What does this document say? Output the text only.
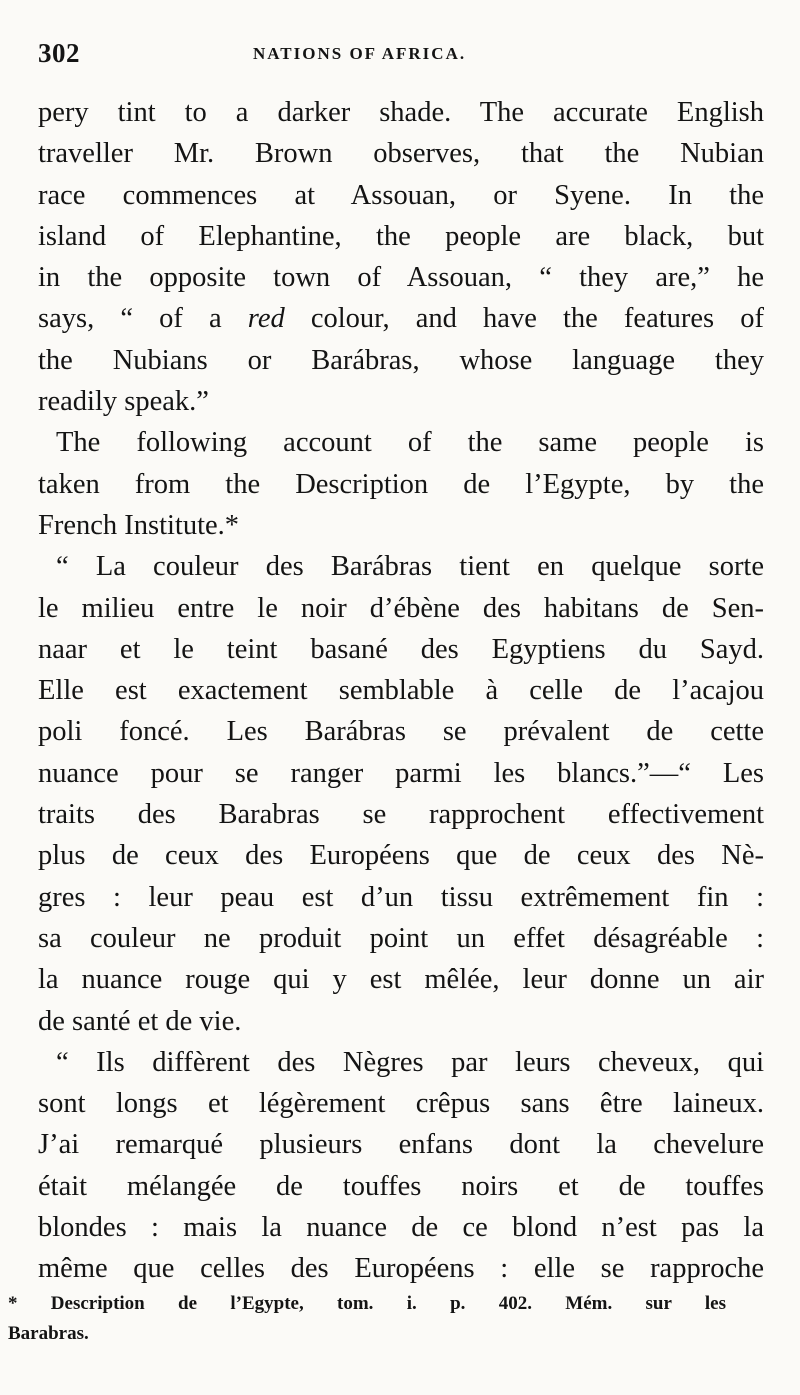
302	NATIONS OF AFRICA.
pery tint to a darker shade. The accurate English
traveller Mr. Brown observes, that the Nubian
race commences at Assouan, or Syene. In the
island of Elephantine, the people are black, but
in the opposite town of Assouan, “ they are,” he
says, “ of a red colour, and have the features of
the Nubians or Barábras, whose language they
readily speak.”
The following account of the same people is
taken from the Description de l’Egypte, by the
French Institute.*
“ La couleur des Barábras tient en quelque sorte
le milieu entre le noir d’ébène des habitans de Sen-
naar et le teint basané des Egyptiens du Sayd.
Elle est exactement semblable à celle de l’acajou
poli foncé. Les Barábras se prévalent de cette
nuance pour se ranger parmi les blancs.”—“ Les
traits des Barabras se rapprochent effectivement
plus de ceux des Européens que de ceux des Nè-
gres : leur peau est d’un tissu extrêmement fin :
sa couleur ne produit point un effet désagréable :
la nuance rouge qui y est mêlée, leur donne un air
de santé et de vie.
“ Ils diffèrent des Nègres par leurs cheveux, qui
sont longs et légèrement crêpus sans être laineux.
J’ai remarqué plusieurs enfans dont la chevelure
était mélangée de touffes noirs et de touffes
blondes : mais la nuance de ce blond n’est pas la
même que celles des Européens : elle se rapproche
* Description de l’Egypte, tom. i. p. 402. Mém. sur les
Barabras.
